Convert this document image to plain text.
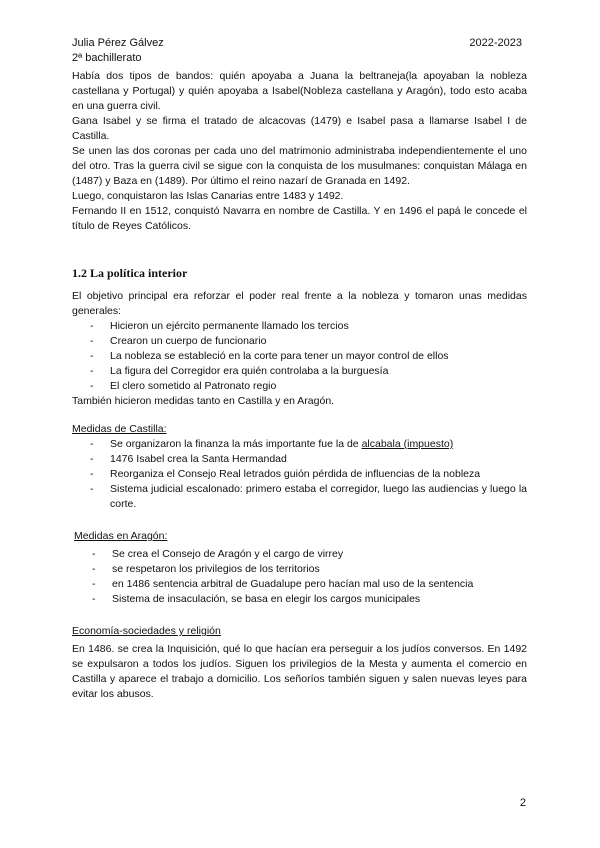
Julia Pérez Gálvez
2ª bachillerato
2022-2023

Había dos tipos de bandos: quién apoyaba a Juana la beltraneja(la apoyaban la nobleza castellana y Portugal) y quién apoyaba a Isabel(Nobleza castellana y Aragón), todo esto acaba en una guerra civil.

Gana Isabel y se firma el tratado de alcacovas (1479) e Isabel pasa a llamarse Isabel I de Castilla.

Se unen las dos coronas per cada uno del matrimonio administraba independientemente el uno del otro. Tras la guerra civil se sigue con la conquista de los musulmanes: conquistan Málaga en (1487) y Baza en (1489). Por último el reino nazarí de Granada en 1492.

Luego, conquistaron las Islas Canarias entre 1483 y 1492.

Fernando II en 1512, conquistó Navarra en nombre de Castilla. Y en 1496 el papá le concede el título de Reyes Católicos.

1.2 La política interior

El objetivo principal era reforzar el poder real frente a la nobleza y tomaron unas medidas generales:

- Hicieron un ejército permanente llamado los tercios
- Crearon un cuerpo de funcionario
- La nobleza se estableció en la corte para tener un mayor control de ellos
- La figura del Corregidor era quién controlaba a la burguesía
- El clero sometido al Patronato regio

También hicieron medidas tanto en Castilla y en Aragón.

Medidas de Castilla:

- Se organizaron la finanza la más importante fue la de alcabala (impuesto)
- 1476 Isabel crea la Santa Hermandad
- Reorganiza el Consejo Real letrados guión pérdida de influencias de la nobleza
- Sistema judicial escalonado: primero estaba el corregidor, luego las audiencias y luego la corte.

Medidas en Aragón:

- Se crea el Consejo de Aragón y el cargo de virrey
- se respetaron los privilegios de los territorios
- en 1486 sentencia arbitral de Guadalupe pero hacían mal uso de la sentencia
- Sistema de insaculación, se basa en elegir los cargos municipales

Economía-sociedades y religión

En 1486. se crea la Inquisición, qué lo que hacían era perseguir a los judíos conversos. En 1492 se expulsaron a todos los judíos. Siguen los privilegios de la Mesta y aumenta el comercio en Castilla y aparece el trabajo a domicilio. Los señoríos también siguen y salen nuevas leyes para evitar los abusos.

2
